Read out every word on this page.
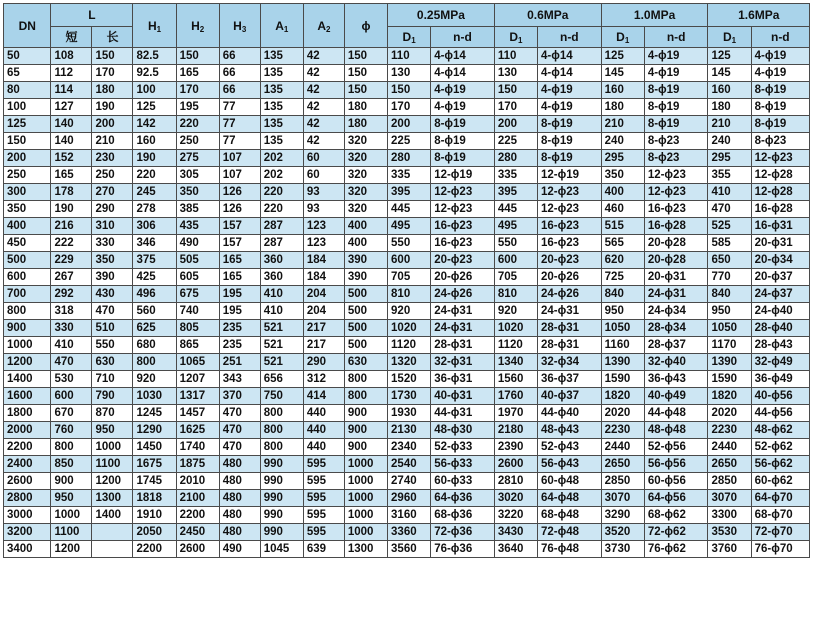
DN	L		$H_1$	$H_2$	$H_3$	$A_1$	$A_2$	ϕ	0.25MPa		0.6MPa		1.0MPa		1.6MPa	
	短	长							$D_1$	n-d	$D_1$	n-d	$D_1$	n-d	$D_1$	n-d
50	108	150	82.5	150	66	135	42	150	110	4-ϕ14	110	4-ϕ14	125	4-ϕ19	125	4-ϕ19
65	112	170	92.5	165	66	135	42	150	130	4-ϕ14	130	4-ϕ14	145	4-ϕ19	145	4-ϕ19
80	114	180	100	170	66	135	42	150	150	4-ϕ19	150	4-ϕ19	160	8-ϕ19	160	8-ϕ19
100	127	190	125	195	77	135	42	180	170	4-ϕ19	170	4-ϕ19	180	8-ϕ19	180	8-ϕ19
125	140	200	142	220	77	135	42	180	200	8-ϕ19	200	8-ϕ19	210	8-ϕ19	210	8-ϕ19
150	140	210	160	250	77	135	42	320	225	8-ϕ19	225	8-ϕ19	240	8-ϕ23	240	8-ϕ23
200	152	230	190	275	107	202	60	320	280	8-ϕ19	280	8-ϕ19	295	8-ϕ23	295	12-ϕ23
250	165	250	220	305	107	202	60	320	335	12-ϕ19	335	12-ϕ19	350	12-ϕ23	355	12-ϕ28
300	178	270	245	350	126	220	93	320	395	12-ϕ23	395	12-ϕ23	400	12-ϕ23	410	12-ϕ28
350	190	290	278	385	126	220	93	320	445	12-ϕ23	445	12-ϕ23	460	16-ϕ23	470	16-ϕ28
400	216	310	306	435	157	287	123	400	495	16-ϕ23	495	16-ϕ23	515	16-ϕ28	525	16-ϕ31
450	222	330	346	490	157	287	123	400	550	16-ϕ23	550	16-ϕ23	565	20-ϕ28	585	20-ϕ31
500	229	350	375	505	165	360	184	390	600	20-ϕ23	600	20-ϕ23	620	20-ϕ28	650	20-ϕ34
600	267	390	425	605	165	360	184	390	705	20-ϕ26	705	20-ϕ26	725	20-ϕ31	770	20-ϕ37
700	292	430	496	675	195	410	204	500	810	24-ϕ26	810	24-ϕ26	840	24-ϕ31	840	24-ϕ37
800	318	470	560	740	195	410	204	500	920	24-ϕ31	920	24-ϕ31	950	24-ϕ34	950	24-ϕ40
900	330	510	625	805	235	521	217	500	1020	24-ϕ31	1020	28-ϕ31	1050	28-ϕ34	1050	28-ϕ40
1000	410	550	680	865	235	521	217	500	1120	28-ϕ31	1120	28-ϕ31	1160	28-ϕ37	1170	28-ϕ43
1200	470	630	800	1065	251	521	290	630	1320	32-ϕ31	1340	32-ϕ34	1390	32-ϕ40	1390	32-ϕ49
1400	530	710	920	1207	343	656	312	800	1520	36-ϕ31	1560	36-ϕ37	1590	36-ϕ43	1590	36-ϕ49
1600	600	790	1030	1317	370	750	414	800	1730	40-ϕ31	1760	40-ϕ37	1820	40-ϕ49	1820	40-ϕ56
1800	670	870	1245	1457	470	800	440	900	1930	44-ϕ31	1970	44-ϕ40	2020	44-ϕ48	2020	44-ϕ56
2000	760	950	1290	1625	470	800	440	900	2130	48-ϕ30	2180	48-ϕ43	2230	48-ϕ48	2230	48-ϕ62
2200	800	1000	1450	1740	470	800	440	900	2340	52-ϕ33	2390	52-ϕ43	2440	52-ϕ56	2440	52-ϕ62
2400	850	1100	1675	1875	480	990	595	1000	2540	56-ϕ33	2600	56-ϕ43	2650	56-ϕ56	2650	56-ϕ62
2600	900	1200	1745	2010	480	990	595	1000	2740	60-ϕ33	2810	60-ϕ48	2850	60-ϕ56	2850	60-ϕ62
2800	950	1300	1818	2100	480	990	595	1000	2960	64-ϕ36	3020	64-ϕ48	3070	64-ϕ56	3070	64-ϕ70
3000	1000	1400	1910	2200	480	990	595	1000	3160	68-ϕ36	3220	68-ϕ48	3290	68-ϕ62	3300	68-ϕ70
3200	1100		2050	2450	480	990	595	1000	3360	72-ϕ36	3430	72-ϕ48	3520	72-ϕ62	3530	72-ϕ70
3400	1200		2200	2600	490	1045	639	1300	3560	76-ϕ36	3640	76-ϕ48	3730	76-ϕ62	3760	76-ϕ70
